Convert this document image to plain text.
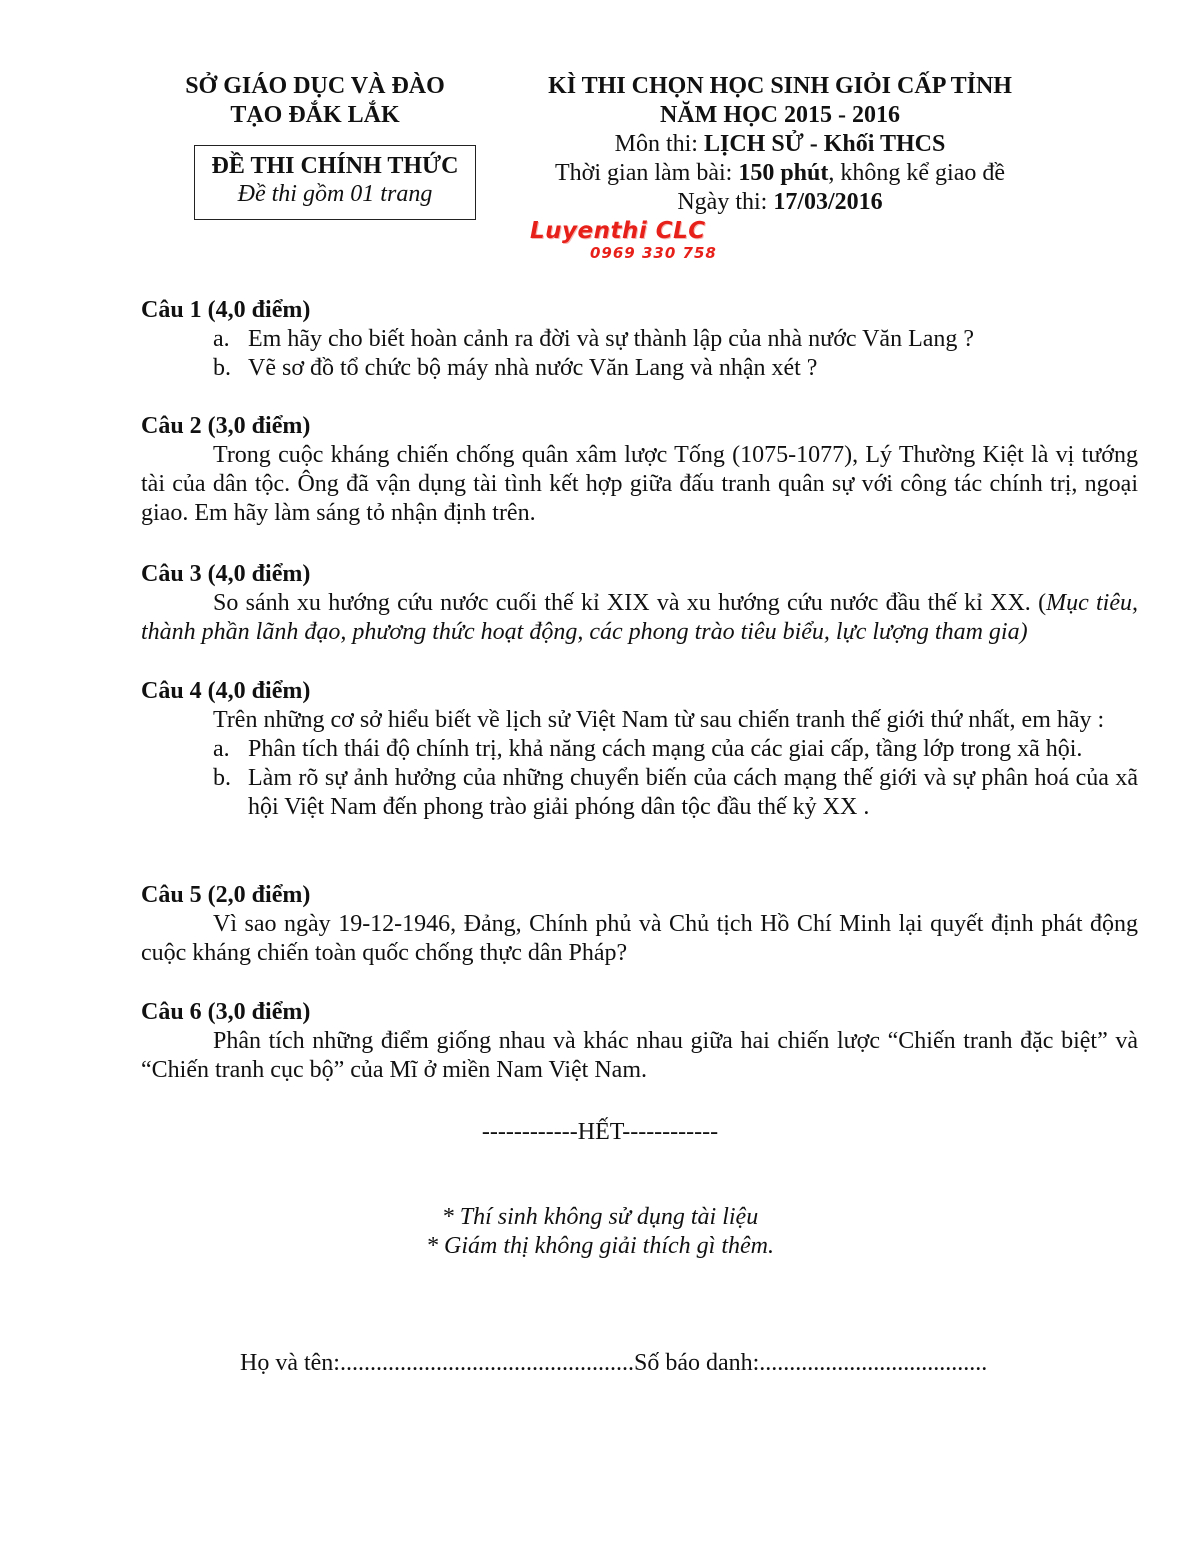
SỞ GIÁO DỤC VÀ ĐÀO
TẠO ĐẮK LẮK
ĐỀ THI CHÍNH THỨC
Đề thi gồm 01 trang
KÌ THI CHỌN HỌC SINH GIỎI CẤP TỈNH
NĂM HỌC 2015 - 2016
Môn thi: LỊCH SỬ - Khối THCS
Thời gian làm bài: 150 phút, không kể giao đề
Ngày thi: 17/03/2016
Luyenthi CLC
0969 330 758
Câu 1 (4,0 điểm)
a. Em hãy cho biết hoàn cảnh ra đời và sự thành lập của nhà nước Văn Lang ?
b. Vẽ sơ đồ tổ chức bộ máy nhà nước Văn Lang và nhận xét ?
Câu 2 (3,0 điểm)
Trong cuộc kháng chiến chống quân xâm lược Tống (1075-1077), Lý Thường Kiệt là vị tướng tài của dân tộc. Ông đã vận dụng tài tình kết hợp giữa đấu tranh quân sự với công tác chính trị, ngoại giao. Em hãy làm sáng tỏ nhận định trên.
Câu 3 (4,0 điểm)
So sánh xu hướng cứu nước cuối thế kỉ XIX và xu hướng cứu nước đầu thế kỉ XX. (Mục tiêu, thành phần lãnh đạo, phương thức hoạt động, các phong trào tiêu biểu, lực lượng tham gia)
Câu 4 (4,0 điểm)
Trên những cơ sở hiểu biết về lịch sử Việt Nam từ sau chiến tranh thế giới thứ nhất, em hãy :
a. Phân tích thái độ chính trị, khả năng cách mạng của các giai cấp, tầng lớp trong xã hội.
b. Làm rõ sự ảnh hưởng của những chuyển biến của cách mạng thế giới và sự phân hoá của xã hội Việt Nam đến phong trào giải phóng dân tộc đầu thế kỷ XX .
Câu 5 (2,0 điểm)
Vì sao ngày 19-12-1946, Đảng, Chính phủ và Chủ tịch Hồ Chí Minh lại quyết định phát động cuộc kháng chiến toàn quốc chống thực dân Pháp?
Câu 6 (3,0 điểm)
Phân tích những điểm giống nhau và khác nhau giữa hai chiến lược “Chiến tranh đặc biệt” và “Chiến tranh cục bộ” của Mĩ ở miền Nam Việt Nam.
------------HẾT------------
* Thí sinh không sử dụng tài liệu
* Giám thị không giải thích gì thêm.
Họ và tên:.................................................Số báo danh:......................................
